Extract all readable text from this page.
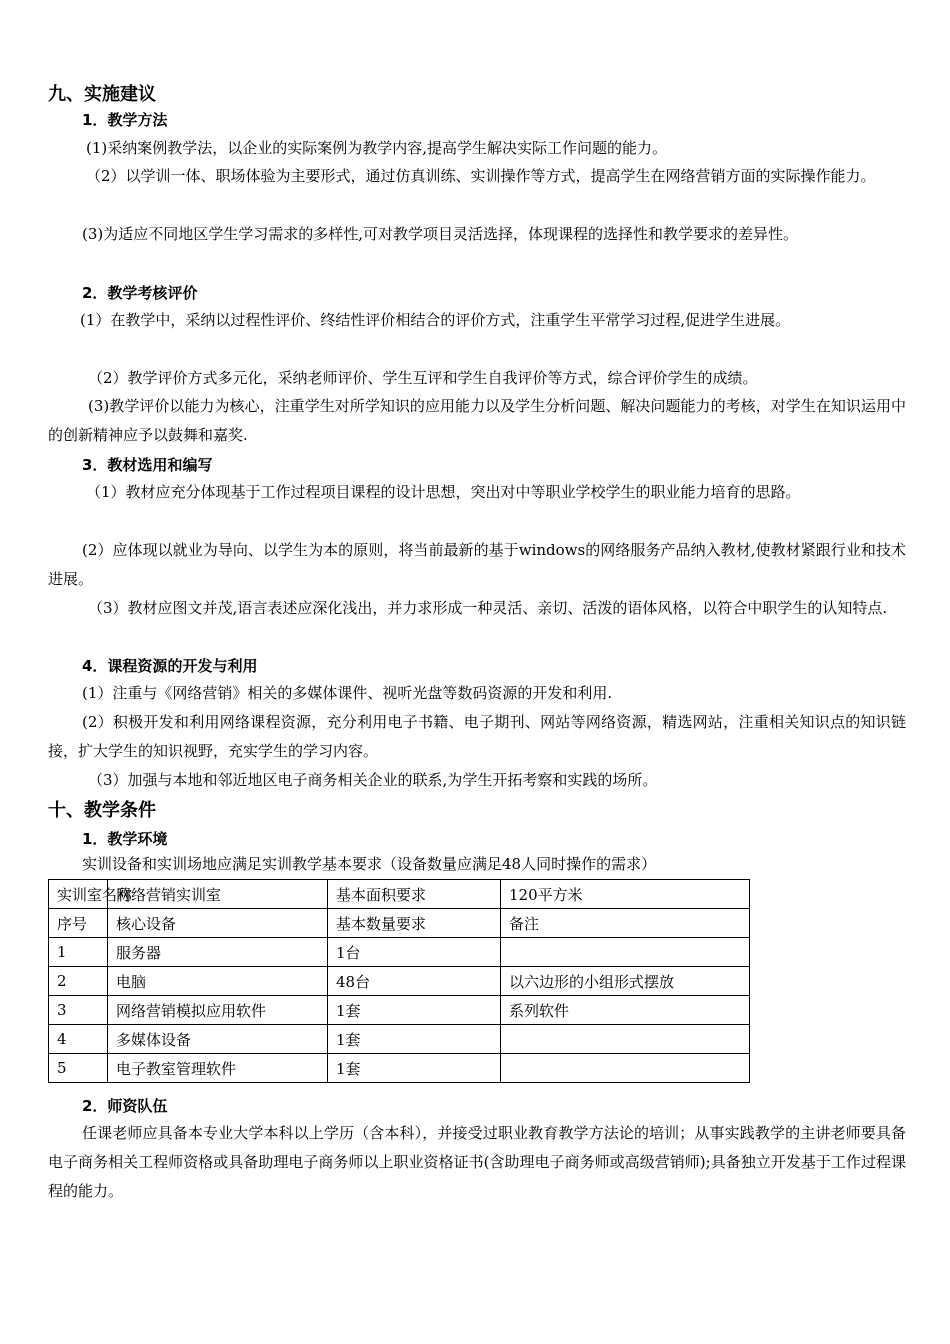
九、实施建议
1．教学方法
(1)采纳案例教学法，以企业的实际案例为教学内容,提高学生解决实际工作问题的能力。
（2）以学训一体、职场体验为主要形式，通过仿真训练、实训操作等方式，提高学生在网络营销方面的实际操作能力。
(3)为适应不同地区学生学习需求的多样性,可对教学项目灵活选择，体现课程的选择性和教学要求的差异性。
2．教学考核评价
(1）在教学中，采纳以过程性评价、终结性评价相结合的评价方式，注重学生平常学习过程,促进学生进展。
（2）教学评价方式多元化，采纳老师评价、学生互评和学生自我评价等方式，综合评价学生的成绩。
(3)教学评价以能力为核心，注重学生对所学知识的应用能力以及学生分析问题、解决问题能力的考核，对学生在知识运用中的创新精神应予以鼓舞和嘉奖.
3．教材选用和编写
（1）教材应充分体现基于工作过程项目课程的设计思想，突出对中等职业学校学生的职业能力培育的思路。
(2）应体现以就业为导向、以学生为本的原则，将当前最新的基于windows的网络服务产品纳入教材,使教材紧跟行业和技术进展。
（3）教材应图文并茂,语言表述应深化浅出，并力求形成一种灵活、亲切、活泼的语体风格，以符合中职学生的认知特点.
4．课程资源的开发与利用
(1）注重与《网络营销》相关的多媒体课件、视听光盘等数码资源的开发和利用.
(2）积极开发和利用网络课程资源，充分利用电子书籍、电子期刊、网站等网络资源，精选网站，注重相关知识点的知识链接，扩大学生的知识视野，充实学生的学习内容。
（3）加强与本地和邻近地区电子商务相关企业的联系,为学生开拓考察和实践的场所。
十、教学条件
1．教学环境
实训设备和实训场地应满足实训教学基本要求（设备数量应满足48人同时操作的需求）
实训室名称	网络营销实训室	基本面积要求	120平方米
序号	核心设备	基本数量要求	备注
1	服务器	1台	
2	电脑	48台	以六边形的小组形式摆放
3	网络营销模拟应用软件	1套	系列软件
4	多媒体设备	1套	
5	电子教室管理软件	1套	
2．师资队伍
任课老师应具备本专业大学本科以上学历（含本科），并接受过职业教育教学方法论的培训；从事实践教学的主讲老师要具备电子商务相关工程师资格或具备助理电子商务师以上职业资格证书(含助理电子商务师或高级营销师);具备独立开发基于工作过程课程的能力。
